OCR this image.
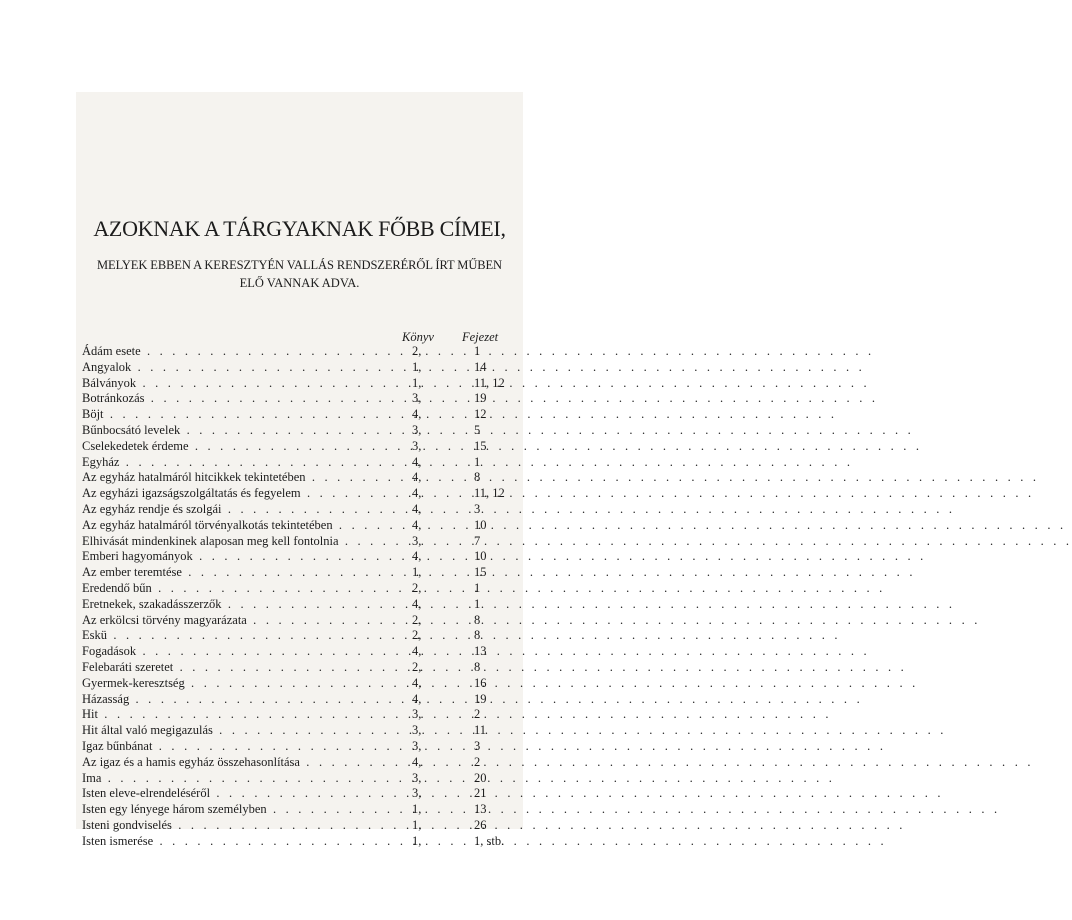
AZOKNAK A TÁRGYAKNAK FŐBB CÍMEI,
MELYEK EBBEN A KERESZTYÉN VALLÁS RENDSZERÉRŐL ÍRT MŰBEN
ELŐ VANNAK ADVA.
Könyv Fejezet
Ádám esete . . .	2,	1
Angyalok . . .	1,	14
Bálványok . . .	1,	11, 12
Botránkozás . . .	3,	19
Böjt . . .	4,	12
Bűnbocsátó levelek . . .	3,	5
Cselekedetek érdeme . . .	3,	15
Egyház . . .	4,	1
Az egyház hatalmáról hitcikkek tekintetében . . .	4,	8
Az egyházi igazságszolgáltatás és fegyelem . . .	4,	11, 12
Az egyház rendje és szolgái . . .	4,	3
Az egyház hatalmáról törvényalkotás tekintetében . . .	4,	10
Elhivását mindenkinek alaposan meg kell fontolnia . . .	3,	7
Emberi hagyományok . . .	4,	10
Az ember teremtése . . .	1,	15
Eredendő bűn . . .	2,	1
Eretnekek, szakadásszerzők . . .	4,	1
Az erkölcsi törvény magyarázata . . .	2,	8
Eskü . . .	2,	8
Fogadások . . .	4,	13
Felebaráti szeretet . . .	2,	8
Gyermek-keresztség . . .	4,	16
Házasság . . .	4,	19
Hit . . .	3,	2
Hit által való megigazulás . . .	3,	11
Igaz bűnbánat . . .	3,	3
Az igaz és a hamis egyház összehasonlítása . . .	4,	2
Ima . . .	3,	20
Isten eleve-elrendeléséről . . .	3,	21
Isten egy lényege három személyben . . .	1,	13
Isteni gondviselés . . .	1,	26
Isten ismerése . . .	1,	1, stb.
